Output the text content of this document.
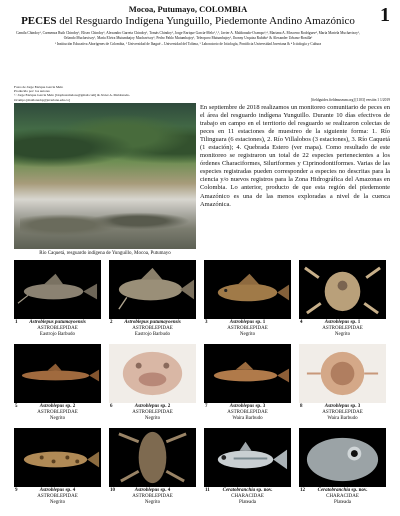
1
Mocoa, Putumayo, COLOMBIA
PECES del Resguardo Indígena Yunguillo, Piedemonte Andino Amazónico
Camila Chindoy¹, Carmenza Ruth Chindoy¹, Eliseo Chindoy¹, Alexandro Garreta Chindoy¹, Tomás Chindoy¹, Jorge Enrique García-Melo¹,²,⁵, Javier A. Maldonado-Ocampo³,⁴, Mariana A. Mosceno Rodríguez⁴, María Mariela Muchavisoy¹, Orlando Muchavisoy¹, María Elvira Mutumbajoy Muchavisoy¹, Pedro Pablo Mutumbajoy¹, Teleoporo Mutumbajoy¹, Jhonny Urquiza Rubiño¹ & Alexander Urbano-Bonilla³
¹ Institución Educativa Aborígenes de Colombia, ² Universidad de Ibagué – Universidad del Tolima, ³ Laboratorio de Ictiología, Pontificia Universidad Javeriana & ⁴ Ictiología y Cultura
Fotos de Jorge Enrique García Melo
Producido por: los autores
© Jorge Enrique García Melo [biophotomelore@gmail.com] & Javier A. Maldonado-Ocampo [maldonadoj@javeriana.edu.co]
Río Caquetá, resguardo indígena de Yunguillo, Mocoa, Putumayo
[fieldguides.fieldmuseum.org] [1103] versión 1 1/2019
En septiembre de 2018 realizamos un monitoreo comunitario de peces en el área del resguardo indígena Yunguillo. Durante 10 días efectivos de trabajo en campo en el territorio del resguardo se realizaron colectas de peces en 11 estaciones de muestreo de la siguiente forma: 1. Río Tilinguara (6 estaciones), 2. Río Villalobos (3 estaciones), 3. Río Caquetá (1 estación); 4. Quebrada Estero (ver mapa). Como resultado de este monitoreo se registraron un total de 22 especies pertenecientes a los órdenes Characiformes, Siluriformes y Ciprinodontiformes. Varias de las especies registradas pueden corresponder a especies no descritas para la ciencia y/o nuevos registros para la Zona Hidrográfica del Amazonas en Colombia. Lo anterior, producto de que esta región del piedemonte Amazónico es una de las menos exploradas a nivel de la cuenca Amazónica.
1 Astroblepus putumayoensis
ASTROBLEPIDAE
Eastrojo Barbudo
2 Astroblepus putumayoensis
ASTROBLEPIDAE
Eastrojo Barbudo
3	Astroblepus sp. 1
ASTROBLEPIDAE
Negrito
4	Astroblepus sp. 1
ASTROBLEPIDAE
Negrito
5	Astroblepus sp. 2
ASTROBLEPIDAE
Negrito
6	Astroblepus sp. 2
ASTROBLEPIDAE
Negrito
7	Astroblepus sp. 3
ASTROBLEPIDAE
Waira Barbudo
8	Astroblepus sp. 3
ASTROBLEPIDAE
Waira Barbudo
9	Astroblepus sp. 4
ASTROBLEPIDAE
Negrito
10	Astroblepus sp. 4
ASTROBLEPIDAE
Negrito
11	Ceratobranchia sp. nov.
CHARACIDAE
Plateada
12	Ceratobranchia sp. nov.
CHARACIDAE
Plateada
